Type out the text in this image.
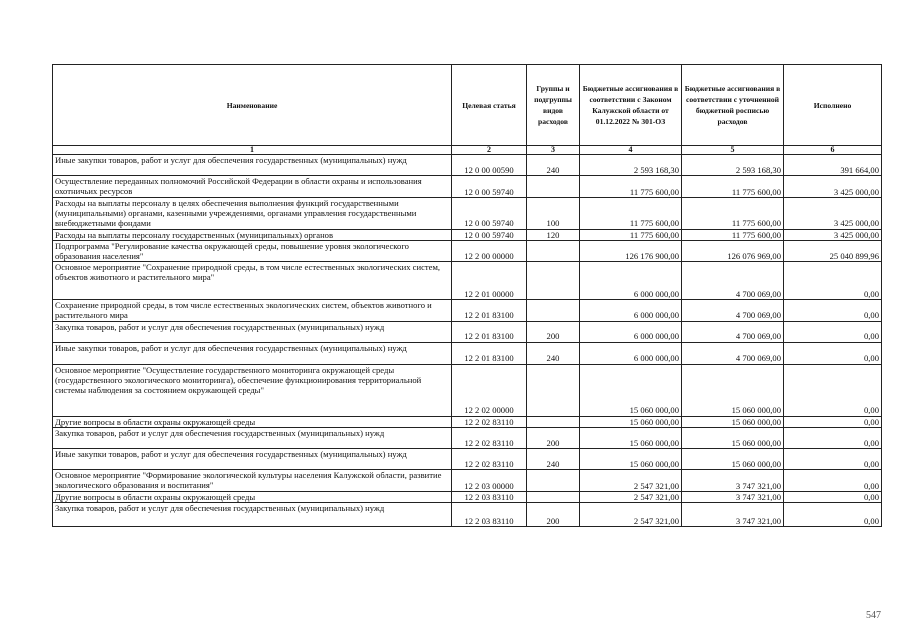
Наименование	Целевая статья	Группы и подгруппы видов расходов	Бюджетные ассигнования в соответствии с Законом Калужской области от 01.12.2022 № 301-ОЗ	Бюджетные ассигнования в соответствии с уточненной бюджетной росписью расходов	Исполнено
1	2	3	4	5	6
Иные закупки товаров, работ и услуг для обеспечения государственных (муниципальных) нужд	12 0 00 00590	240	2 593 168,30	2 593 168,30	391 664,00
Осуществление переданных полномочий Российской Федерации в области охраны и использования охотничьих ресурсов	12 0 00 59740		11 775 600,00	11 775 600,00	3 425 000,00
Расходы на выплаты персоналу в целях обеспечения выполнения функций государственными (муниципальными) органами, казенными учреждениями, органами управления государственными внебюджетными фондами	12 0 00 59740	100	11 775 600,00	11 775 600,00	3 425 000,00
Расходы на выплаты персоналу государственных (муниципальных) органов	12 0 00 59740	120	11 775 600,00	11 775 600,00	3 425 000,00
Подпрограмма "Регулирование качества окружающей среды, повышение уровня экологического образования населения"	12 2 00 00000		126 176 900,00	126 076 969,00	25 040 899,96
Основное мероприятие "Сохранение природной среды, в том числе естественных экологических систем, объектов животного и растительного мира"	12 2 01 00000		6 000 000,00	4 700 069,00	0,00
Сохранение природной среды, в том числе естественных экологических систем, объектов животного и растительного мира	12 2 01 83100		6 000 000,00	4 700 069,00	0,00
Закупка товаров, работ и услуг для обеспечения государственных (муниципальных) нужд	12 2 01 83100	200	6 000 000,00	4 700 069,00	0,00
Иные закупки товаров, работ и услуг для обеспечения государственных (муниципальных) нужд	12 2 01 83100	240	6 000 000,00	4 700 069,00	0,00
Основное мероприятие "Осуществление государственного мониторинга окружающей среды (государственного экологического мониторинга), обеспечение функционирования территориальной системы наблюдения за состоянием окружающей среды"	12 2 02 00000		15 060 000,00	15 060 000,00	0,00
Другие вопросы в области охраны окружающей среды	12 2 02 83110		15 060 000,00	15 060 000,00	0,00
Закупка товаров, работ и услуг для обеспечения государственных (муниципальных) нужд	12 2 02 83110	200	15 060 000,00	15 060 000,00	0,00
Иные закупки товаров, работ и услуг для обеспечения государственных (муниципальных) нужд	12 2 02 83110	240	15 060 000,00	15 060 000,00	0,00
Основное мероприятие "Формирование экологической культуры населения Калужской области, развитие экологического образования и воспитания"	12 2 03 00000		2 547 321,00	3 747 321,00	0,00
Другие вопросы в области охраны окружающей среды	12 2 03 83110		2 547 321,00	3 747 321,00	0,00
Закупка товаров, работ и услуг для обеспечения государственных (муниципальных) нужд	12 2 03 83110	200	2 547 321,00	3 747 321,00	0,00
547
